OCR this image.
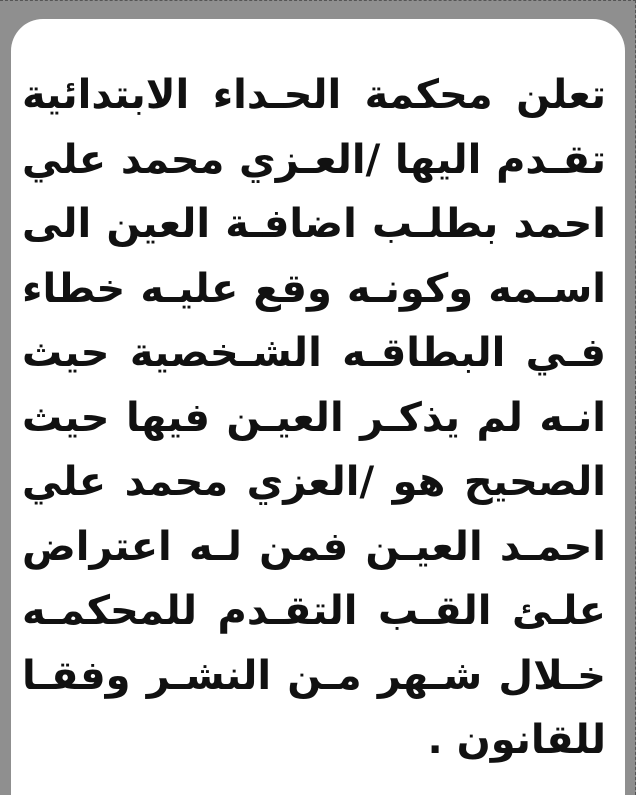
تعلن محكمة الحـداء الابتدائية
تقـدم اليها /العـزي محمد علي
احمد بطلـب اضافـة العين الى
اسـمه وكونـه وقع عليـه خطاء
فـي البطاقـه الشـخصية حيث
انـه لم يذكـر العيـن فيها حيث
الصحيح هو /العزي محمد علي
احمـد العيـن فمن لـه اعتراض
علـئ القـب التقـدم للمحكمـه
خـلال شـهر مـن النشـر وفقـا
للقانون .
